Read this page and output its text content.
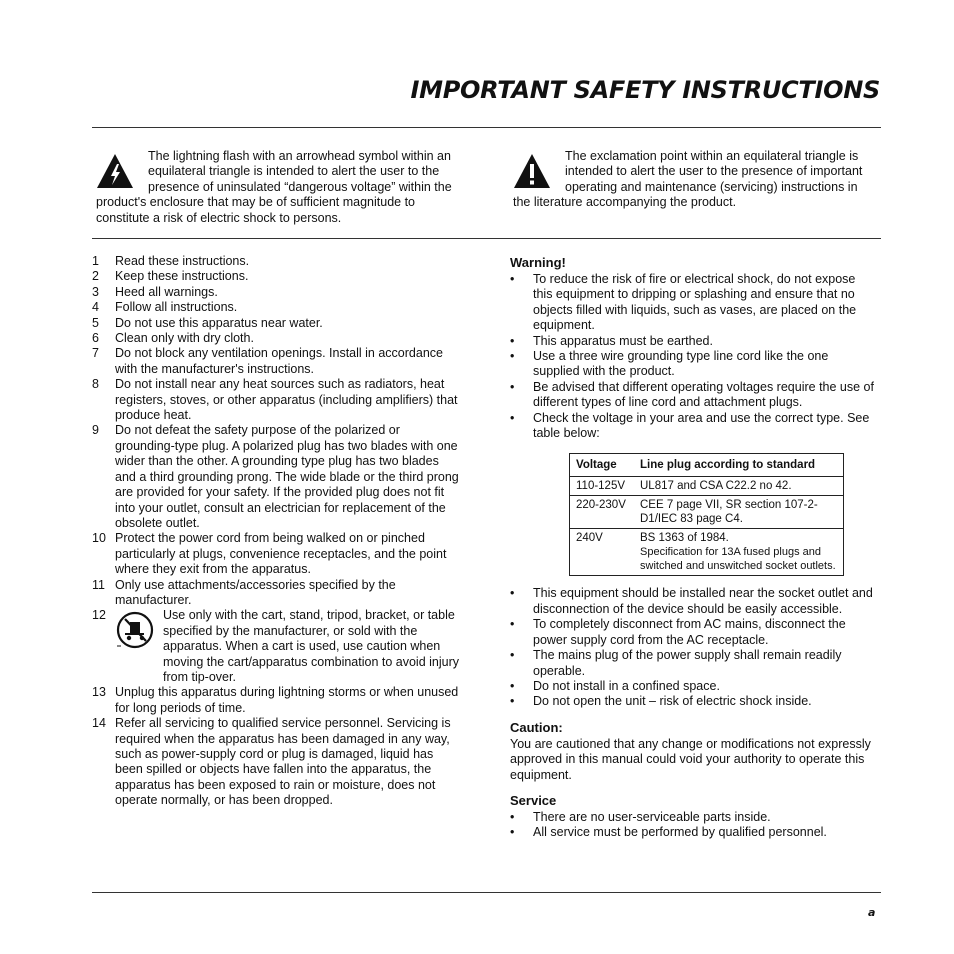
IMPORTANT SAFETY INSTRUCTIONS

The lightning flash with an arrowhead symbol within an equilateral triangle is intended to alert the user to the presence of uninsulated “dangerous voltage” within the product's enclosure that may be of sufficient magnitude to constitute a risk of electric shock to persons.

The exclamation point within an equilateral triangle is intended to alert the user to the presence of important operating and maintenance (servicing) instructions in the literature accompanying the product.

1 Read these instructions.
2 Keep these instructions.
3 Heed all warnings.
4 Follow all instructions.
5 Do not use this apparatus near water.
6 Clean only with dry cloth.
7 Do not block any ventilation openings. Install in accordance with the manufacturer's instructions.
8 Do not install near any heat sources such as radiators, heat registers, stoves, or other apparatus (including amplifiers) that produce heat.
9 Do not defeat the safety purpose of the polarized or grounding-type plug. A polarized plug has two blades with one wider than the other. A grounding type plug has two blades and a third grounding prong. The wide blade or the third prong are provided for your safety. If the provided plug does not fit into your outlet, consult an electrician for replacement of the obsolete outlet.
10 Protect the power cord from being walked on or pinched particularly at plugs, convenience receptacles, and the point where they exit from the apparatus.
11 Only use attachments/accessories specified by the manufacturer.
12	Use only with the cart, stand, tripod, bracket, or table specified by the manufacturer, or sold with the apparatus. When a cart is used, use caution when moving the cart/apparatus combination to avoid injury from tip-over.
13 Unplug this apparatus during lightning storms or when unused for long periods of time.
14 Refer all servicing to qualified service personnel. Servicing is required when the apparatus has been damaged in any way, such as power-supply cord or plug is damaged, liquid has been spilled or objects have fallen into the apparatus, the apparatus has been exposed to rain or moisture, does not operate normally, or has been dropped.
Warning!
• To reduce the risk of fire or electrical shock, do not expose this equipment to dripping or splashing and ensure that no objects filled with liquids, such as vases, are placed on the equipment.
• This apparatus must be earthed.
• Use a three wire grounding type line cord like the one supplied with the product.
• Be advised that different operating voltages require the use of different types of line cord and attachment plugs.
• Check the voltage in your area and use the correct type. See table below:
Voltage	Line plug according to standard
110-125V	UL817 and CSA C22.2 no 42.
220-230V	CEE 7 page VII, SR section 107-2-D1/IEC 83 page C4.
240V	BS 1363 of 1984.
Specification for 13A fused plugs and switched and unswitched socket outlets.
• This equipment should be installed near the socket outlet and disconnection of the device should be easily accessible.
• To completely disconnect from AC mains, disconnect the power supply cord from the AC receptacle.
• The mains plug of the power supply shall remain readily operable.
• Do not install in a confined space.
• Do not open the unit – risk of electric shock inside.
Caution:

You are cautioned that any change or modifications not expressly approved in this manual could void your authority to operate this equipment.

Service
• There are no user-serviceable parts inside.
• All service must be performed by qualified personnel.
a
